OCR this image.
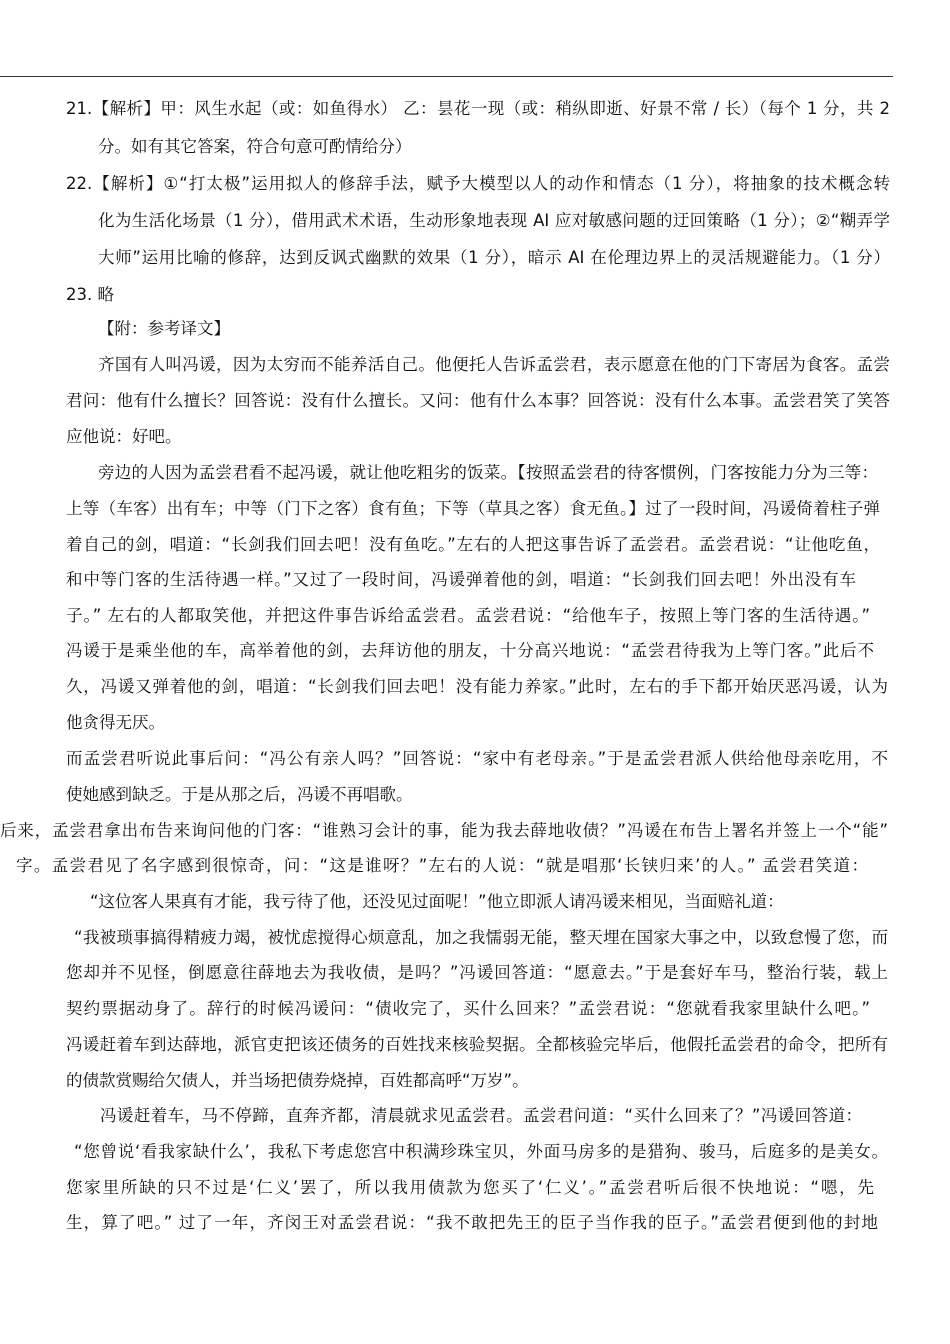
21.【解析】甲：风生水起（或：如鱼得水） 乙：昙花一现（或：稍纵即逝、好景不常 / 长）（每个 1 分，共 2
分。如有其它答案，符合句意可酌情给分）
22.【解析】①“打太极”运用拟人的修辞手法，赋予大模型以人的动作和情态（1 分），将抽象的技术概念转
化为生活化场景（1 分），借用武术术语，生动形象地表现 AI 应对敏感问题的迂回策略（1 分）；②“糊弄学
大师”运用比喻的修辞，达到反讽式幽默的效果（1 分），暗示 AI 在伦理边界上的灵活规避能力。（1 分）
23. 略
【附：参考译文】
齐国有人叫冯谖，因为太穷而不能养活自己。他便托人告诉孟尝君，表示愿意在他的门下寄居为食客。孟尝
君问：他有什么擅长？回答说：没有什么擅长。又问：他有什么本事？回答说：没有什么本事。孟尝君笑了笑答
应他说：好吧。
旁边的人因为孟尝君看不起冯谖，就让他吃粗劣的饭菜。【按照孟尝君的待客惯例，门客按能力分为三等：
上等（车客）出有车；中等（门下之客）食有鱼；下等（草具之客）食无鱼。】过了一段时间，冯谖倚着柱子弹
着自己的剑，唱道：“长剑我们回去吧！没有鱼吃。”左右的人把这事告诉了孟尝君。孟尝君说：“让他吃鱼，
和中等门客的生活待遇一样。”又过了一段时间，冯谖弹着他的剑，唱道：“长剑我们回去吧！外出没有车
子。” 左右的人都取笑他，并把这件事告诉给孟尝君。孟尝君说：“给他车子，按照上等门客的生活待遇。”
冯谖于是乘坐他的车，高举着他的剑，去拜访他的朋友，十分高兴地说：“孟尝君待我为上等门客。”此后不
久，冯谖又弹着他的剑，唱道：“长剑我们回去吧！没有能力养家。”此时，左右的手下都开始厌恶冯谖，认为
他贪得无厌。
而孟尝君听说此事后问：“冯公有亲人吗？”回答说：“家中有老母亲。”于是孟尝君派人供给他母亲吃用，不
使她感到缺乏。于是从那之后，冯谖不再唱歌。
后来，孟尝君拿出布告来询问他的门客：“谁熟习会计的事，能为我去薛地收债？”冯谖在布告上署名并签上一个“能”
字。孟尝君见了名字感到很惊奇，问：“这是谁呀？”左右的人说：“就是唱那‘长铗归来’的人。” 孟尝君笑道：
“这位客人果真有才能，我亏待了他，还没见过面呢！”他立即派人请冯谖来相见，当面赔礼道：
“我被琐事搞得精疲力竭，被忧虑搅得心烦意乱，加之我懦弱无能，整天埋在国家大事之中，以致怠慢了您，而
您却并不见怪，倒愿意往薛地去为我收债，是吗？”冯谖回答道：“愿意去。”于是套好车马，整治行装，载上
契约票据动身了。辞行的时候冯谖问：“债收完了，买什么回来？”孟尝君说：“您就看我家里缺什么吧。”
冯谖赶着车到达薛地，派官吏把该还债务的百姓找来核验契据。全都核验完毕后，他假托孟尝君的命令，把所有
的债款赏赐给欠债人，并当场把债券烧掉，百姓都高呼“万岁”。
冯谖赶着车，马不停蹄，直奔齐都，清晨就求见孟尝君。孟尝君问道：“买什么回来了？”冯谖回答道：
“您曾说‘看我家缺什么’，我私下考虑您宫中积满珍珠宝贝，外面马房多的是猎狗、骏马，后庭多的是美女。
您家里所缺的只不过是‘仁义’罢了，所以我用债款为您买了‘仁义’。”孟尝君听后很不快地说：“嗯，先
生，算了吧。” 过了一年，齐闵王对孟尝君说：“我不敢把先王的臣子当作我的臣子。”孟尝君便到他的封地
